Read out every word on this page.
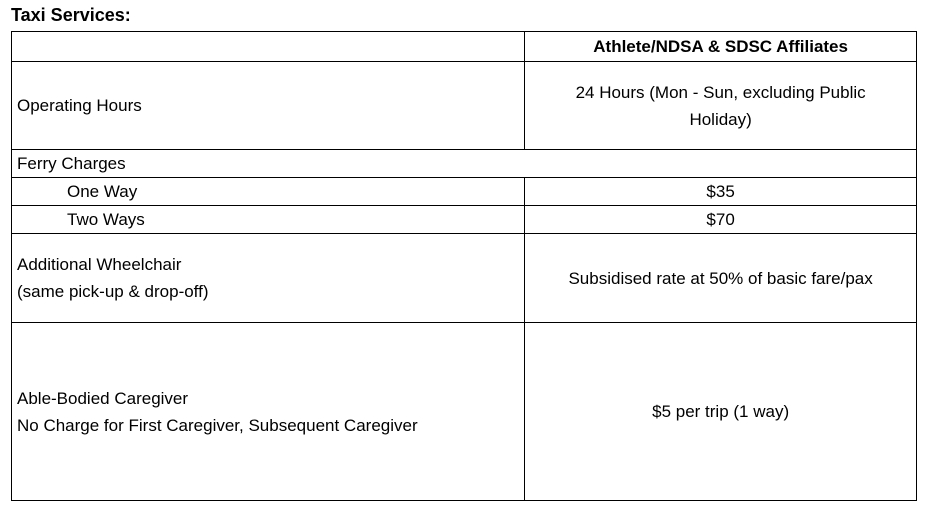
Taxi Services:
	Athlete/NDSA & SDSC Affiliates
Operating Hours	24 Hours (Mon - Sun, excluding Public Holiday)
Ferry Charges	
One Way	$35
Two Ways	$70

Additional Wheelchair
(same pick-up & drop-off)	Subsidised rate at 50% of basic fare/pax

Able-Bodied Caregiver
No Charge for First Caregiver, Subsequent Caregiver	$5 per trip (1 way)
